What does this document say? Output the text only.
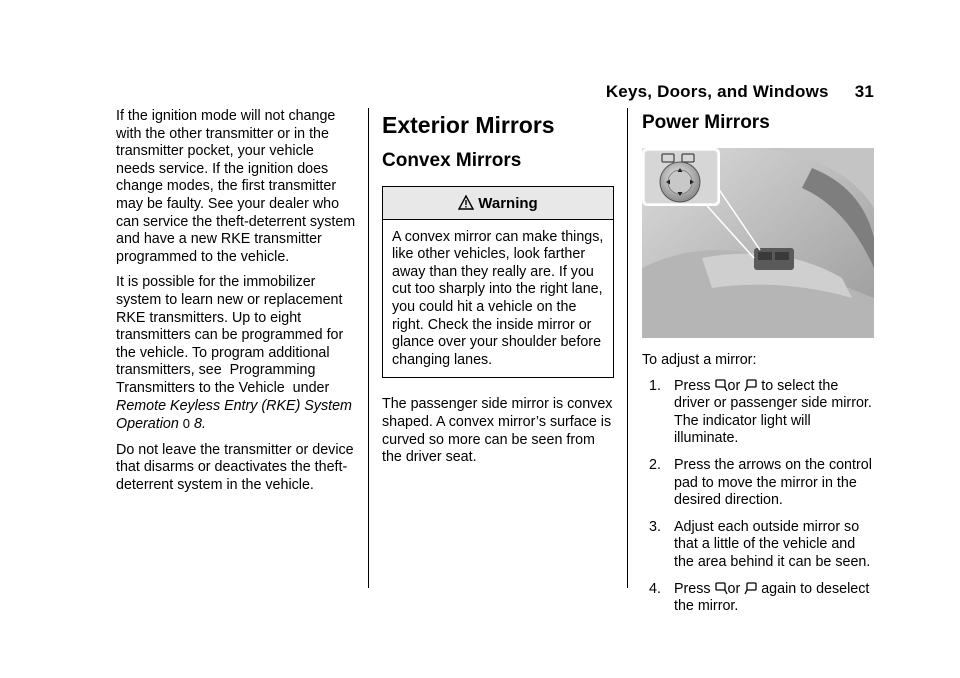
Keys, Doors, and Windows 31

If the ignition mode will not change with the other transmitter or in the transmitter pocket, your vehicle needs service. If the ignition does change modes, the first transmitter may be faulty. See your dealer who can service the theft-deterrent system and have a new RKE transmitter programmed to the vehicle.

It is possible for the immobilizer system to learn new or replacement RKE transmitters. Up to eight transmitters can be programmed for the vehicle. To program additional transmitters, see  Programming Transmitters to the Vehicle  under
Remote Keyless Entry (RKE) System Operation 0 8.

Do not leave the transmitter or device that disarms or deactivates the theft-deterrent system in the vehicle.

Exterior Mirrors
Convex Mirrors
Warning
A convex mirror can make things, like other vehicles, look farther away than they really are. If you cut too sharply into the right lane, you could hit a vehicle on the right. Check the inside mirror or glance over your shoulder before changing lanes.

The passenger side mirror is convex shaped. A convex mirror’s surface is curved so more can be seen from the driver seat.

Power Mirrors

To adjust a mirror:

1. Press or to select the driver or passenger side mirror. The indicator light will illuminate.
2. Press the arrows on the control pad to move the mirror in the desired direction.
3. Adjust each outside mirror so that a little of the vehicle and the area behind it can be seen.
4. Press or again to deselect the mirror.
